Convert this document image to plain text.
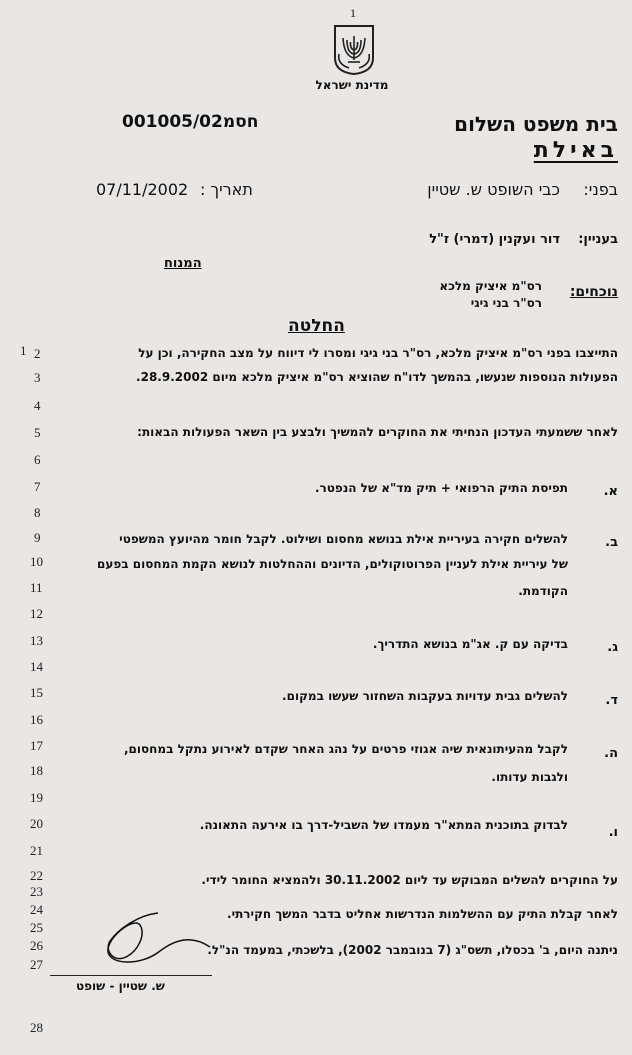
1
מדינת ישראל
001005/02חסמ	בית משפט השלום
באילת
בפני:
כבי השופט ש. שטיין
תאריך :
07/11/2002
בעניין:
דור ועקנין (דמרי) ז"ל
המנוח
נוכחים:
רס"מ איציק מלכא
רס"ר בני גיגי
החלטה
1 2
3
4
5
6
7
8
9
10
11
12
13
14
15
16
17
18
19
20
21
22
23
24
25
26
27
28
התייצבו בפני רס"מ איציק מלכא, רס"ר בני גיגי ומסרו לי דיווח על מצב החקירה, וכן על
הפעולות הנוספות שנעשו, בהמשך לדו"ח שהוציא רס"מ איציק מלכא מיום 28.9.2002.
לאחר ששמעתי העדכון הנחיתי את החוקרים להמשיך ולבצע בין השאר הפעולות הבאות:
א.
תפיסת התיק הרפואי + תיק מד"א של הנפטר.
ב.
להשלים חקירה בעיריית אילת בנושא מחסום ושילוט. לקבל חומר מהיועץ המשפטי
של עיריית אילת לעניין הפרוטוקולים, הדיונים וההחלטות לנושא הקמת המחסום בפעם
הקודמת.
ג.
בדיקה עם ק. אג"מ בנושא התדריך.
ד.
להשלים גבית עדויות בעקבות השחזור שעשו במקום.
ה.
לקבל מהעיתונאית שיה אגוזי פרטים על נהג האחר שקדם לאירוע נתקל במחסום,
ולגבות עדותו.
ו.
לבדוק בתוכנית המתא"ר מעמדו של השביל-דרך בו אירעה התאונה.
על החוקרים להשלים המבוקש עד ליום 30.11.2002 ולהמציא החומר לידי.
לאחר קבלת התיק עם ההשלמות הנדרשות אחליט בדבר המשך חקירתי.
ניתנה היום, ב' בכסלו, תשס"ג (7 בנובמבר 2002), בלשכתי, במעמד הנ"ל.
ש. שטיין - שופט
